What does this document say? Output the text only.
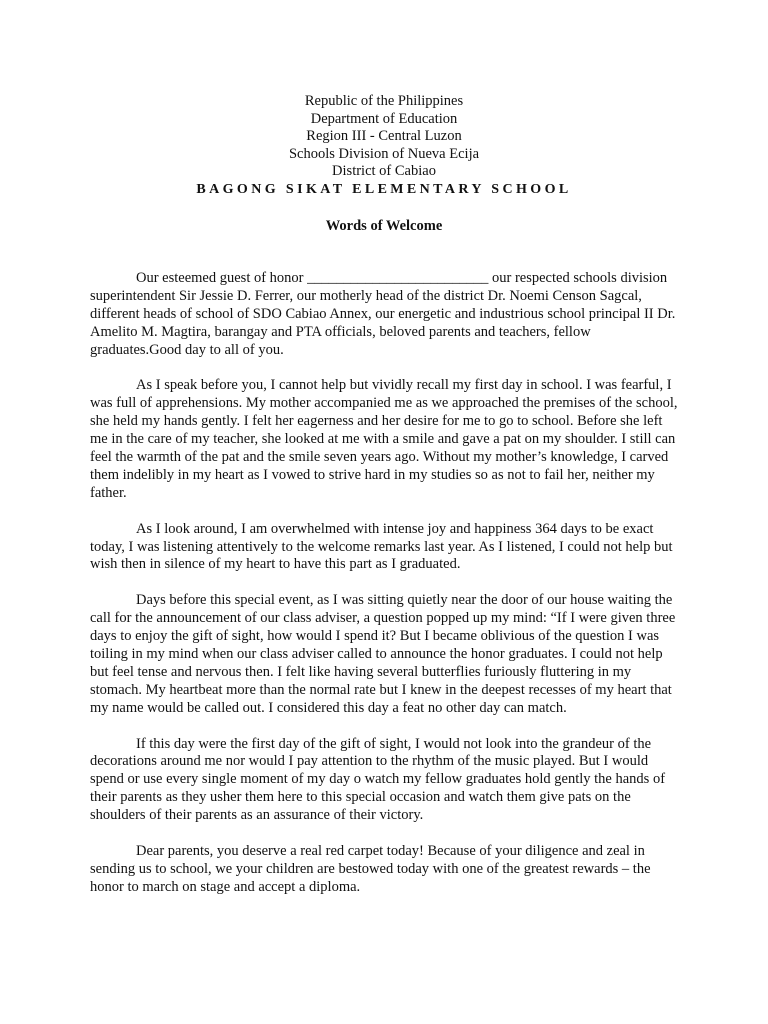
Republic of the Philippines
Department of Education
Region III - Central Luzon
Schools Division of Nueva Ecija
District of Cabiao
BAGONG SIKAT ELEMENTARY SCHOOL
Words of Welcome

Our esteemed guest of honor _________________________ our respected schools division superintendent Sir Jessie D. Ferrer, our motherly head of the district Dr. Noemi Censon Sagcal, different heads of school of SDO Cabiao Annex, our energetic and industrious school principal II Dr. Amelito M. Magtira, barangay and PTA officials, beloved parents and teachers, fellow graduates.Good day to all of you.

As I speak before you, I cannot help but vividly recall my first day in school. I was fearful, I was full of apprehensions. My mother accompanied me as we approached the premises of the school, she held my hands gently. I felt her eagerness and her desire for me to go to school. Before she left me in the care of my teacher, she looked at me with a smile and gave a pat on my shoulder. I still can feel the warmth of the pat and the smile seven years ago. Without my mother’s knowledge, I carved them indelibly in my heart as I vowed to strive hard in my studies so as not to fail her, neither my father.

As I look around, I am overwhelmed with intense joy and happiness 364 days to be exact today, I was listening attentively to the welcome remarks last year. As I listened, I could not help but wish then in silence of my heart to have this part as I graduated.

Days before this special event, as I was sitting quietly near the door of our house waiting the call for the announcement of our class adviser, a question popped up my mind: “If I were given three days to enjoy the gift of sight, how would I spend it? But I became oblivious of the question I was toiling in my mind when our class adviser called to announce the honor graduates. I could not help but feel tense and nervous then. I felt like having several butterflies furiously fluttering in my stomach. My heartbeat more than the normal rate but I knew in the deepest recesses of my heart that my name would be called out. I considered this day a feat no other day can match.

If this day were the first day of the gift of sight, I would not look into the grandeur of the decorations around me nor would I pay attention to the rhythm of the music played. But I would spend or use every single moment of my day o watch my fellow graduates hold gently the hands of their parents as they usher them here to this special occasion and watch them give pats on the shoulders of their parents as an assurance of their victory.

Dear parents, you deserve a real red carpet today! Because of your diligence and zeal in sending us to school, we your children are bestowed today with one of the greatest rewards – the honor to march on stage and accept a diploma.
